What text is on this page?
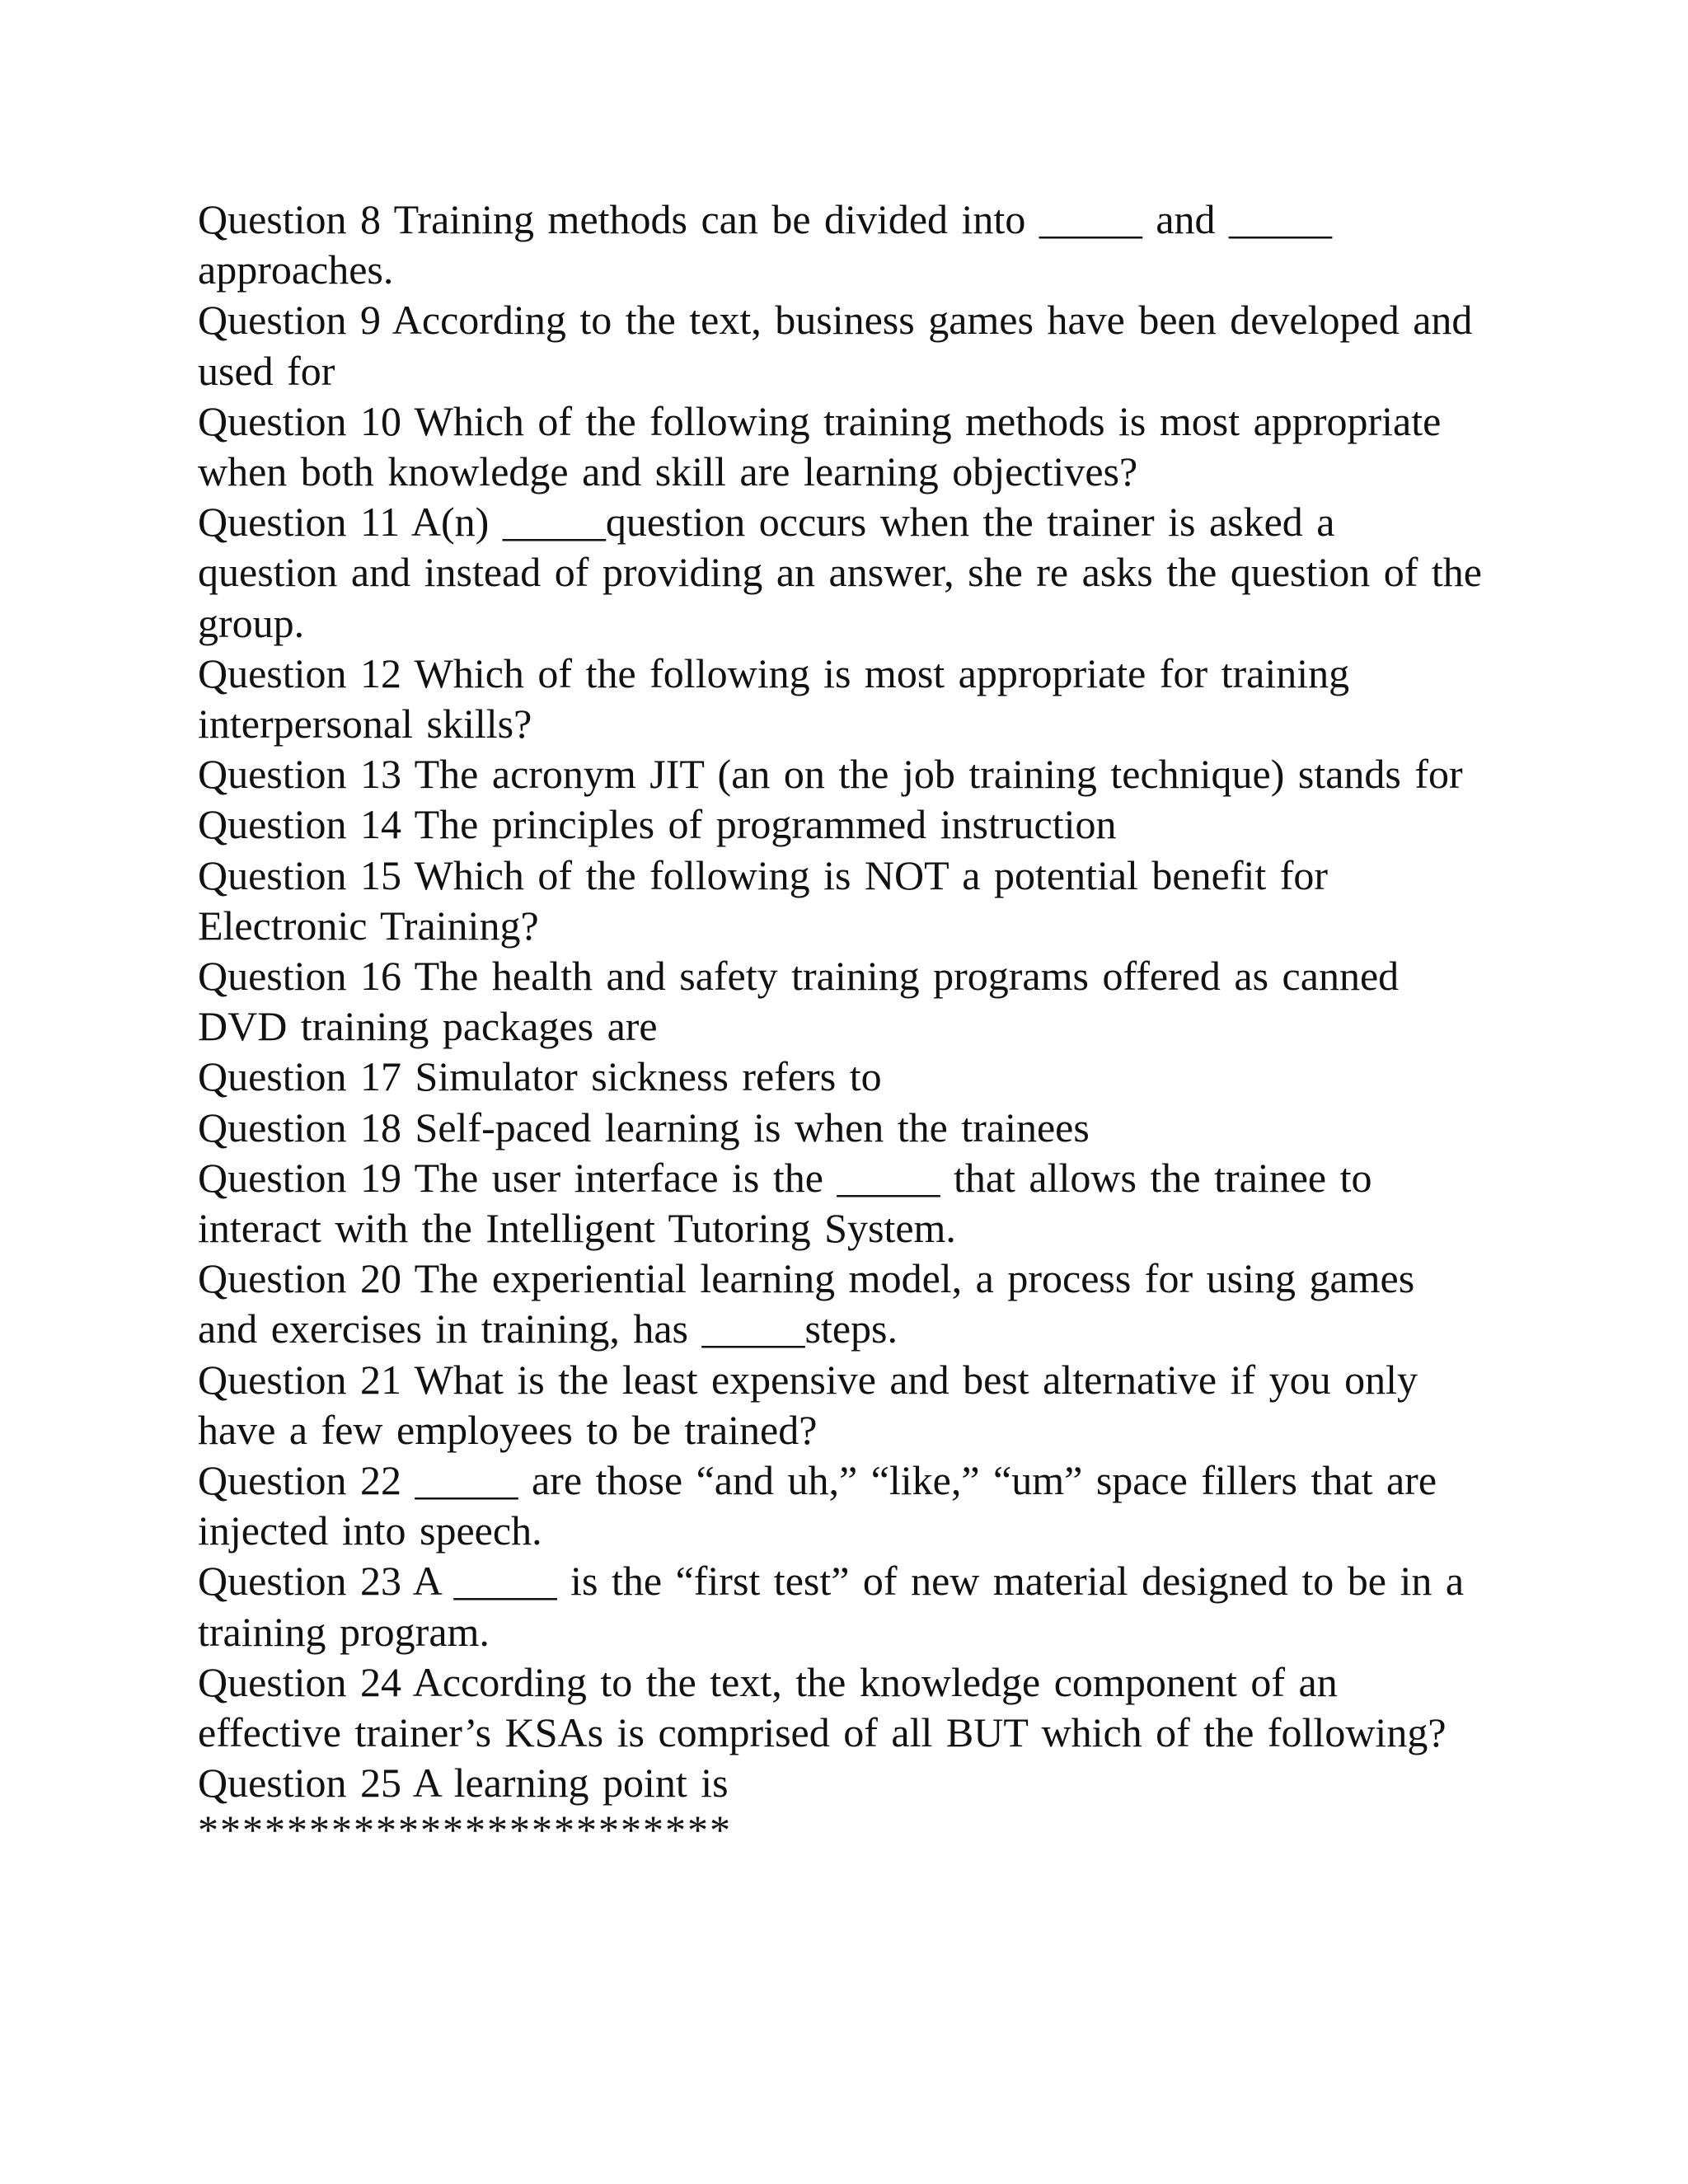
Question 8 Training methods can be divided into _____ and _____ approaches.

Question 9 According to the text, business games have been developed and used for

Question 10 Which of the following training methods is most appropriate when both knowledge and skill are learning objectives?

Question 11 A(n) _____question occurs when the trainer is asked a question and instead of providing an answer, she re asks the question of the group.

Question 12 Which of the following is most appropriate for training interpersonal skills?

Question 13 The acronym JIT (an on the job training technique) stands for

Question 14 The principles of programmed instruction

Question 15 Which of the following is NOT a potential benefit for Electronic Training?

Question 16 The health and safety training programs offered as canned DVD training packages are

Question 17 Simulator sickness refers to

Question 18 Self-paced learning is when the trainees

Question 19 The user interface is the _____ that allows the trainee to interact with the Intelligent Tutoring System.

Question 20 The experiential learning model, a process for using games and exercises in training, has _____steps.

Question 21 What is the least expensive and best alternative if you only have a few employees to be trained?

Question 22 _____ are those “and uh,” “like,” “um” space fillers that are injected into speech.

Question 23 A _____ is the “first test” of new material designed to be in a training program.

Question 24 According to the text, the knowledge component of an effective trainer’s KSAs is comprised of all BUT which of the following?

Question 25 A learning point is

************************
